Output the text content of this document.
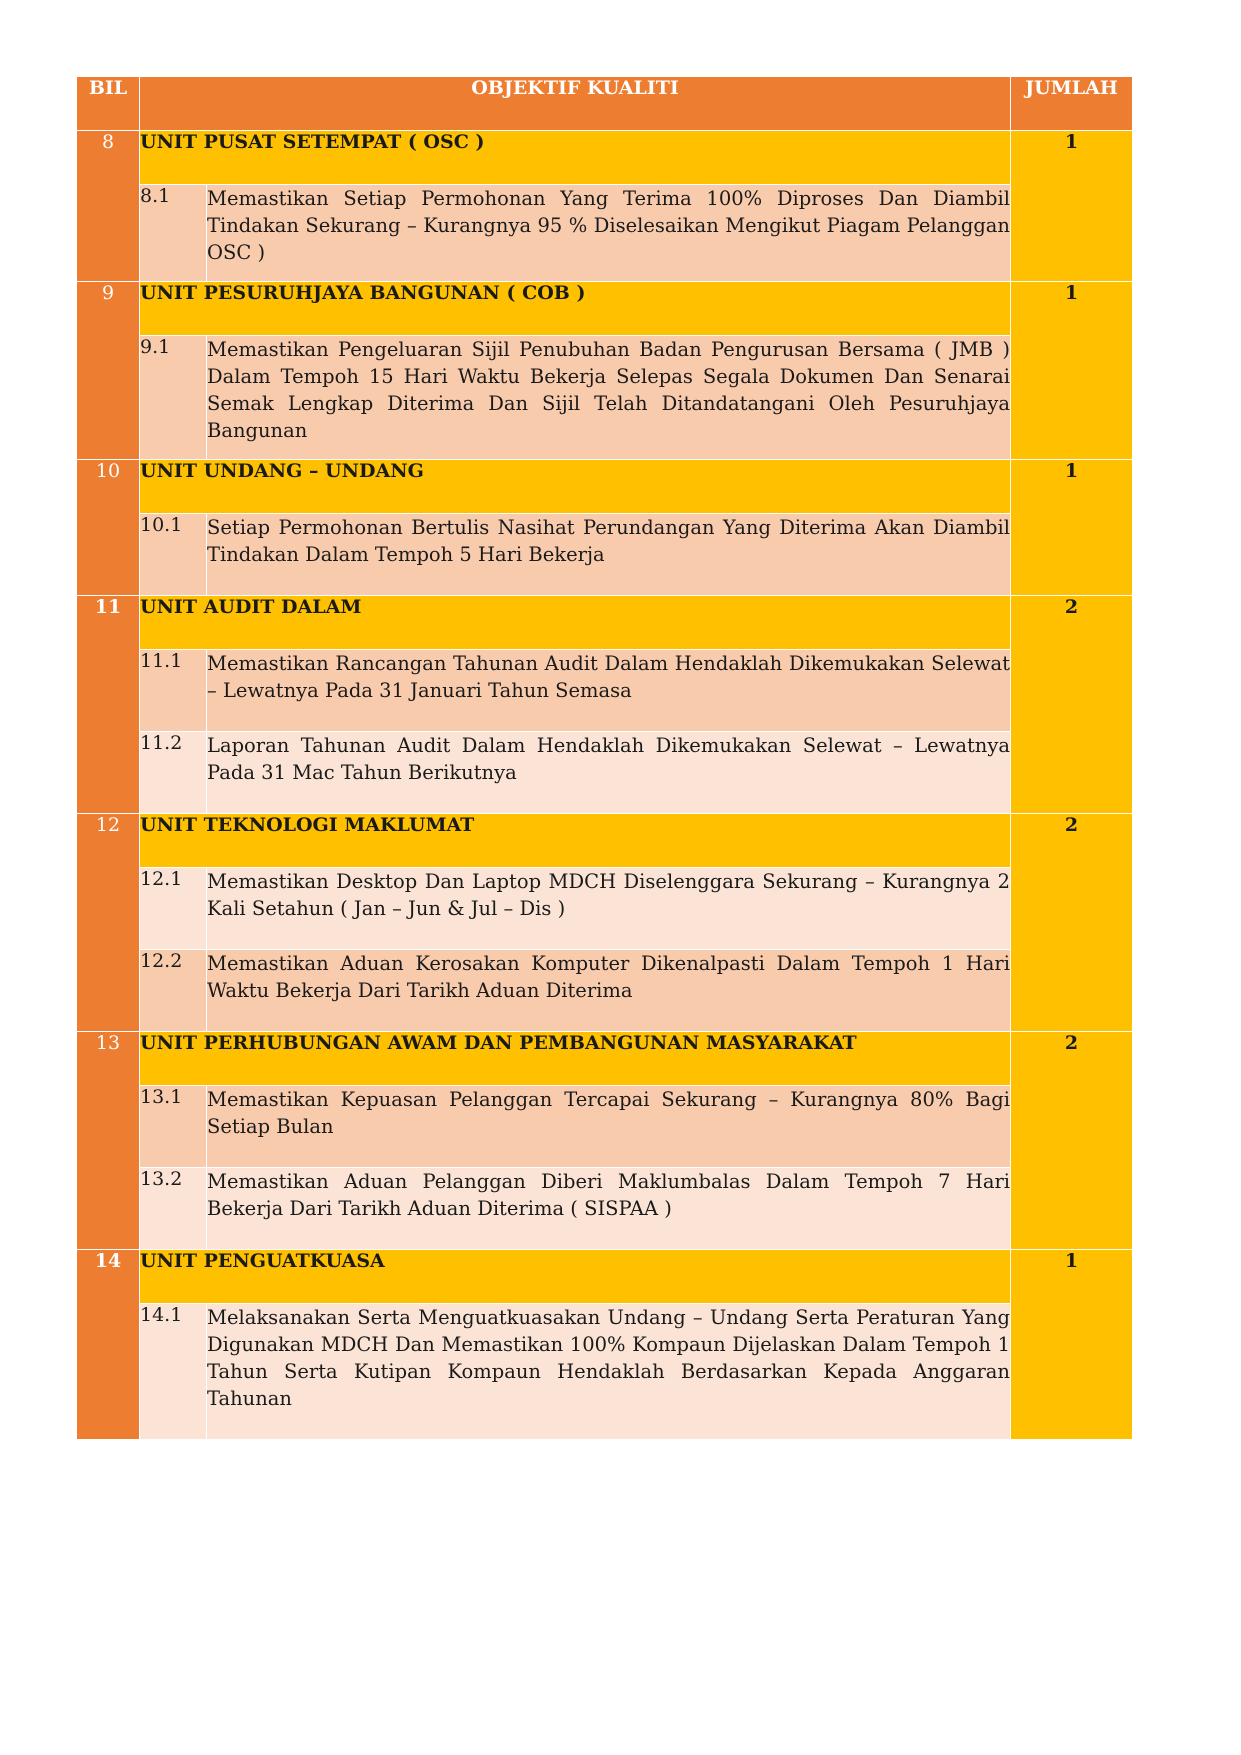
BIL	OBJEKTIF KUALITI		JUMLAH
8	UNIT PUSAT SETEMPAT ( OSC )		1
	8.1	Memastikan Setiap Permohonan Yang Terima 100% Diproses Dan Diambil Tindakan Sekurang – Kurangnya 95 % Diselesaikan Mengikut Piagam Pelanggan OSC )	
9	UNIT PESURUHJAYA BANGUNAN ( COB )		1
	9.1	Memastikan Pengeluaran Sijil Penubuhan Badan Pengurusan Bersama ( JMB ) Dalam Tempoh 15 Hari Waktu Bekerja Selepas Segala Dokumen Dan Senarai Semak Lengkap Diterima Dan Sijil Telah Ditandatangani Oleh Pesuruhjaya Bangunan	
10	UNIT UNDANG – UNDANG		1
	10.1	Setiap Permohonan Bertulis Nasihat Perundangan Yang Diterima Akan Diambil Tindakan Dalam Tempoh 5 Hari Bekerja	
11	UNIT AUDIT DALAM		2
	11.1	Memastikan Rancangan Tahunan Audit Dalam Hendaklah Dikemukakan Selewat – Lewatnya Pada 31 Januari Tahun Semasa	
	11.2	Laporan Tahunan Audit Dalam Hendaklah Dikemukakan Selewat – Lewatnya Pada 31 Mac Tahun Berikutnya	
12	UNIT TEKNOLOGI MAKLUMAT		2
	12.1	Memastikan Desktop Dan Laptop MDCH Diselenggara Sekurang – Kurangnya 2 Kali Setahun ( Jan – Jun & Jul – Dis )	
	12.2	Memastikan Aduan Kerosakan Komputer Dikenalpasti Dalam Tempoh 1 Hari Waktu Bekerja Dari Tarikh Aduan Diterima	
13	UNIT PERHUBUNGAN AWAM DAN PEMBANGUNAN MASYARAKAT		2
	13.1	Memastikan Kepuasan Pelanggan Tercapai Sekurang – Kurangnya 80% Bagi Setiap Bulan	
	13.2	Memastikan Aduan Pelanggan Diberi Maklumbalas Dalam Tempoh 7 Hari Bekerja Dari Tarikh Aduan Diterima ( SISPAA )	
14	UNIT PENGUATKUASA		1
	14.1	Melaksanakan Serta Menguatkuasakan Undang – Undang Serta Peraturan Yang Digunakan MDCH Dan Memastikan 100% Kompaun Dijelaskan Dalam Tempoh 1 Tahun Serta Kutipan Kompaun Hendaklah Berdasarkan Kepada Anggaran Tahunan	
